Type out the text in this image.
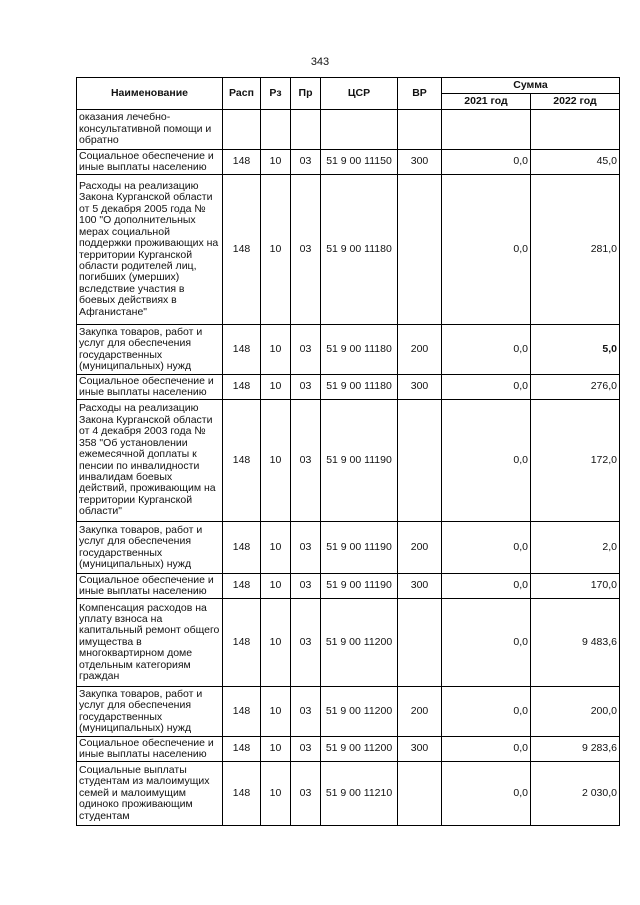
343
Наименование	Расп	Рз	Пр	ЦСР	ВР	Сумма	
						2021 год	2022 год
оказания лечебно-консультативной помощи и обратно							
Социальное обеспечение и иные выплаты населению	148	10	03	51 9 00 11150	300	0,0	45,0
Расходы на реализацию Закона Курганской области от 5 декабря 2005 года № 100 "О дополнительных мерах социальной поддержки проживающих на территории Курганской области родителей лиц, погибших (умерших) вследствие участия в боевых действиях в Афганистане"	148	10	03	51 9 00 11180		0,0	281,0
Закупка товаров, работ и услуг для обеспечения государственных (муниципальных) нужд	148	10	03	51 9 00 11180	200	0,0	5,0
Социальное обеспечение и иные выплаты населению	148	10	03	51 9 00 11180	300	0,0	276,0
Расходы на реализацию Закона Курганской области от 4 декабря 2003 года № 358 "Об установлении ежемесячной доплаты к пенсии по инвалидности инвалидам боевых действий, проживающим на территории Курганской области"	148	10	03	51 9 00 11190		0,0	172,0
Закупка товаров, работ и услуг для обеспечения государственных (муниципальных) нужд	148	10	03	51 9 00 11190	200	0,0	2,0
Социальное обеспечение и иные выплаты населению	148	10	03	51 9 00 11190	300	0,0	170,0
Компенсация расходов на уплату взноса на капитальный ремонт общего имущества в многоквартирном доме отдельным категориям граждан	148	10	03	51 9 00 11200		0,0	9 483,6
Закупка товаров, работ и услуг для обеспечения государственных (муниципальных) нужд	148	10	03	51 9 00 11200	200	0,0	200,0
Социальное обеспечение и иные выплаты населению	148	10	03	51 9 00 11200	300	0,0	9 283,6
Социальные выплаты студентам из малоимущих семей и малоимущим одиноко проживающим студентам	148	10	03	51 9 00 11210		0,0	2 030,0
